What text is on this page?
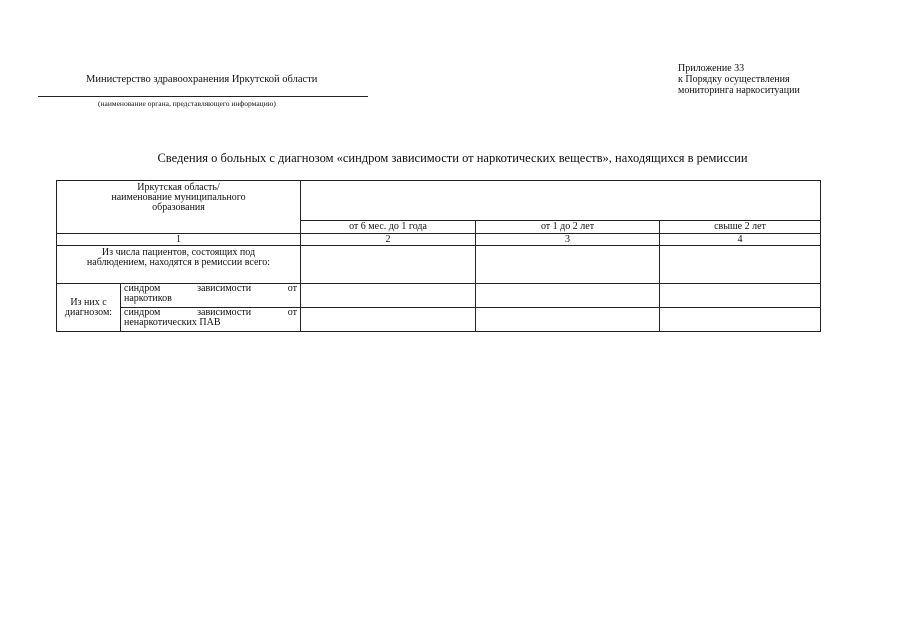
Министерство здравоохранения Иркутской области
(наименование органа, представляющего информацию)
Приложение 33
к Порядку осуществления
мониторинга наркоситуации
Сведения о больных с диагнозом «синдром зависимости от наркотических веществ», находящихся в ремиссии
Иркутская область/ наименование муниципального образования				

		от 6 мес. до 1 года	от 1 до 2 лет	свыше 2 лет
1		2	3	4

Из числа пациентов, состоящих под наблюдением, находятся в ремиссии всего:				

Из них с диагнозом:	синдром зависимости от
наркотиков			

	синдром зависимости от
ненаркотических ПАВ			
